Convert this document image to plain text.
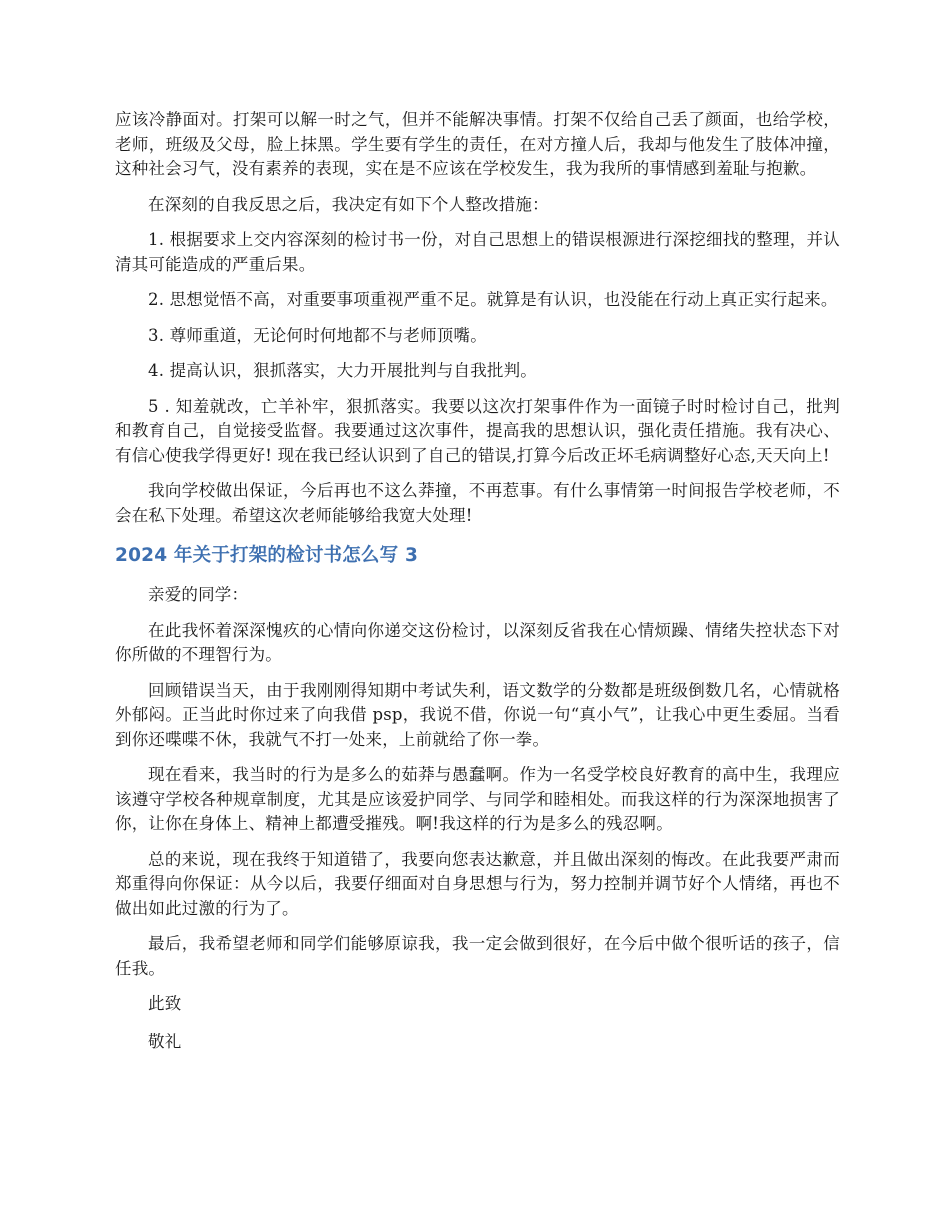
应该冷静面对。打架可以解一时之气，但并不能解决事情。打架不仅给自己丢了颜面，也给学校，老师，班级及父母，脸上抹黑。学生要有学生的责任，在对方撞人后，我却与他发生了肢体冲撞，这种社会习气，没有素养的表现，实在是不应该在学校发生，我为我所的事情感到羞耻与抱歉。

在深刻的自我反思之后，我决定有如下个人整改措施：

1. 根据要求上交内容深刻的检讨书一份，对自己思想上的错误根源进行深挖细找的整理，并认清其可能造成的严重后果。

2. 思想觉悟不高，对重要事项重视严重不足。就算是有认识，也没能在行动上真正实行起来。

3. 尊师重道，无论何时何地都不与老师顶嘴。

4. 提高认识，狠抓落实，大力开展批判与自我批判。

5 . 知羞就改，亡羊补牢，狠抓落实。我要以这次打架事件作为一面镜子时时检讨自己，批判和教育自己，自觉接受监督。我要通过这次事件，提高我的思想认识，强化责任措施。我有决心、有信心使我学得更好! 现在我已经认识到了自己的错误,打算今后改正坏毛病调整好心态,天天向上!

我向学校做出保证，今后再也不这么莽撞，不再惹事。有什么事情第一时间报告学校老师，不会在私下处理。希望这次老师能够给我宽大处理!

2024 年关于打架的检讨书怎么写 3

亲爱的同学：

在此我怀着深深愧疚的心情向你递交这份检讨，以深刻反省我在心情烦躁、情绪失控状态下对你所做的不理智行为。

回顾错误当天，由于我刚刚得知期中考试失利，语文数学的分数都是班级倒数几名，心情就格外郁闷。正当此时你过来了向我借 psp，我说不借，你说一句“真小气”，让我心中更生委屈。当看到你还喋喋不休，我就气不打一处来，上前就给了你一拳。

现在看来，我当时的行为是多么的茹莽与愚蠢啊。作为一名受学校良好教育的高中生，我理应该遵守学校各种规章制度，尤其是应该爱护同学、与同学和睦相处。而我这样的行为深深地损害了你，让你在身体上、精神上都遭受摧残。啊!我这样的行为是多么的残忍啊。

总的来说，现在我终于知道错了，我要向您表达歉意，并且做出深刻的悔改。在此我要严肃而郑重得向你保证：从今以后，我要仔细面对自身思想与行为，努力控制并调节好个人情绪，再也不做出如此过激的行为了。

最后，我希望老师和同学们能够原谅我，我一定会做到很好，在今后中做个很听话的孩子，信任我。

此致

敬礼
